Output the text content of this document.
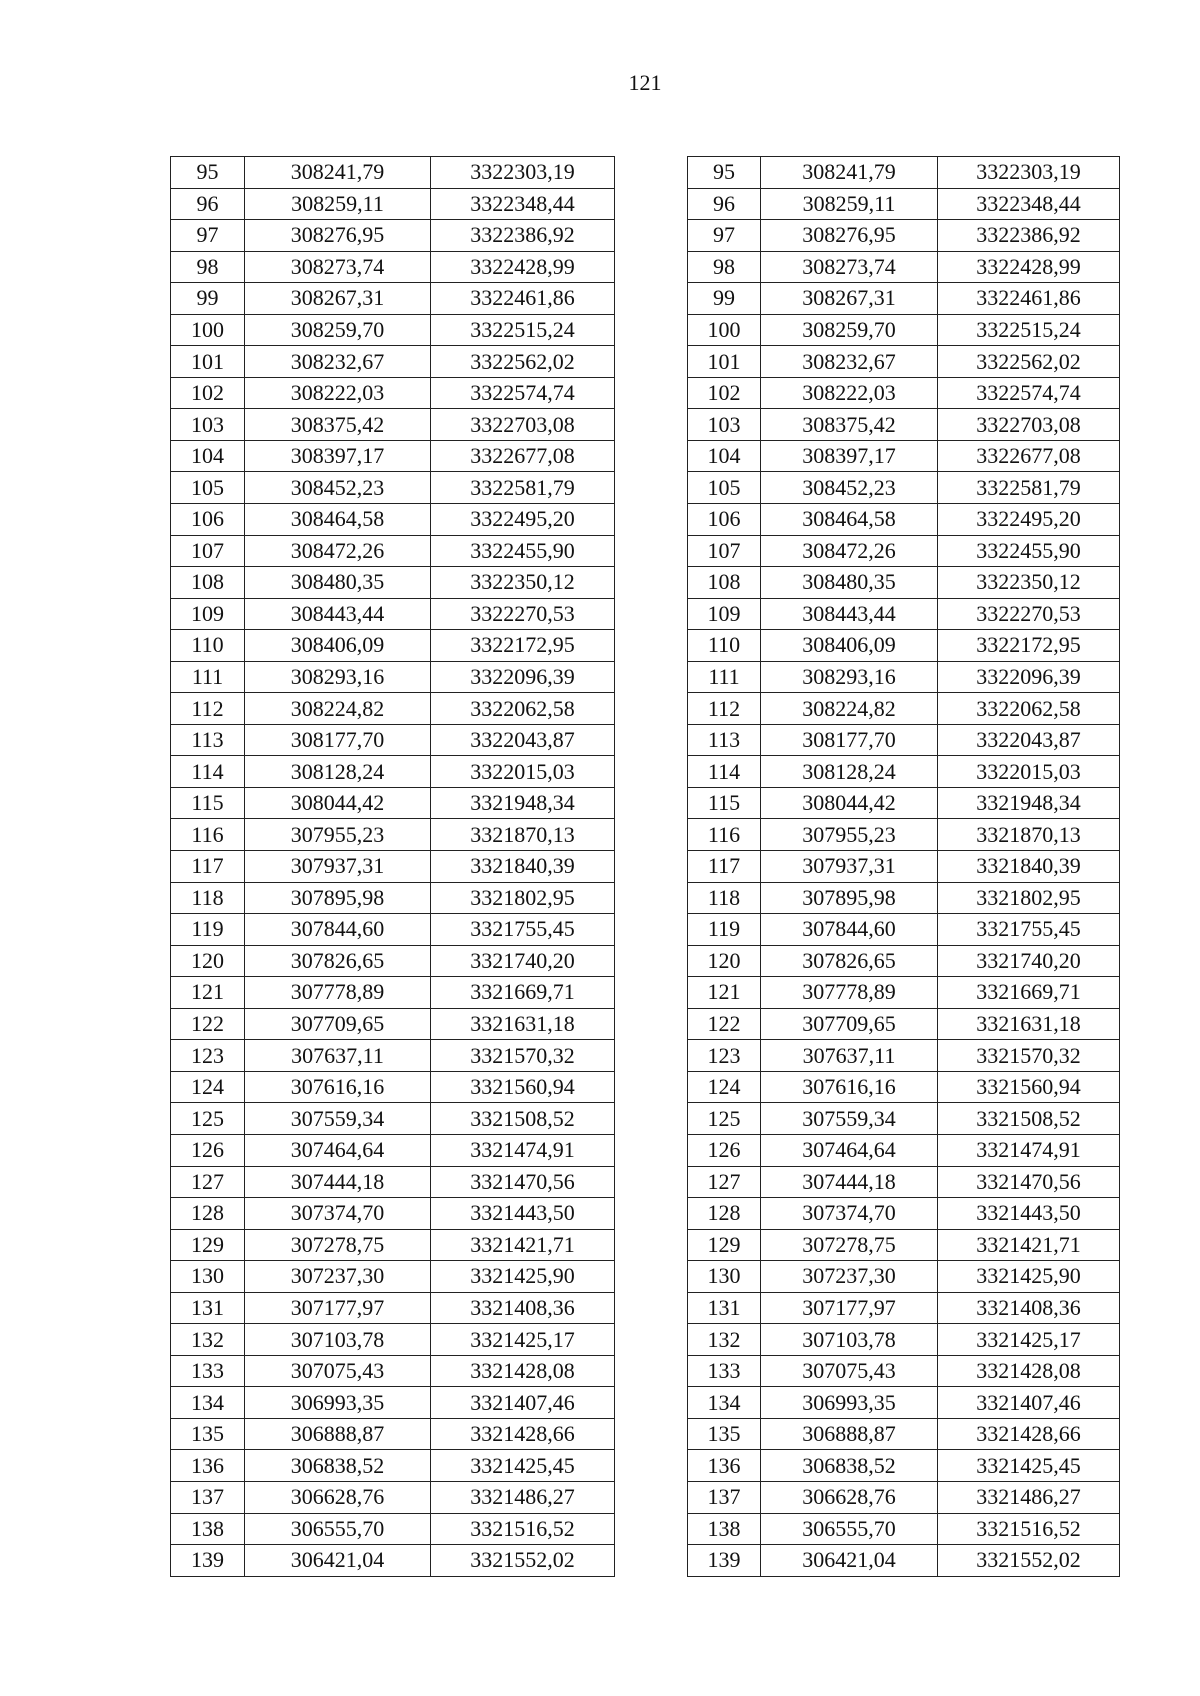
121
95	308241,79	3322303,19
96	308259,11	3322348,44
97	308276,95	3322386,92
98	308273,74	3322428,99
99	308267,31	3322461,86
100	308259,70	3322515,24
101	308232,67	3322562,02
102	308222,03	3322574,74
103	308375,42	3322703,08
104	308397,17	3322677,08
105	308452,23	3322581,79
106	308464,58	3322495,20
107	308472,26	3322455,90
108	308480,35	3322350,12
109	308443,44	3322270,53
110	308406,09	3322172,95
111	308293,16	3322096,39
112	308224,82	3322062,58
113	308177,70	3322043,87
114	308128,24	3322015,03
115	308044,42	3321948,34
116	307955,23	3321870,13
117	307937,31	3321840,39
118	307895,98	3321802,95
119	307844,60	3321755,45
120	307826,65	3321740,20
121	307778,89	3321669,71
122	307709,65	3321631,18
123	307637,11	3321570,32
124	307616,16	3321560,94
125	307559,34	3321508,52
126	307464,64	3321474,91
127	307444,18	3321470,56
128	307374,70	3321443,50
129	307278,75	3321421,71
130	307237,30	3321425,90
131	307177,97	3321408,36
132	307103,78	3321425,17
133	307075,43	3321428,08
134	306993,35	3321407,46
135	306888,87	3321428,66
136	306838,52	3321425,45
137	306628,76	3321486,27
138	306555,70	3321516,52
139	306421,04	3321552,02
95	308241,79	3322303,19
96	308259,11	3322348,44
97	308276,95	3322386,92
98	308273,74	3322428,99
99	308267,31	3322461,86
100	308259,70	3322515,24
101	308232,67	3322562,02
102	308222,03	3322574,74
103	308375,42	3322703,08
104	308397,17	3322677,08
105	308452,23	3322581,79
106	308464,58	3322495,20
107	308472,26	3322455,90
108	308480,35	3322350,12
109	308443,44	3322270,53
110	308406,09	3322172,95
111	308293,16	3322096,39
112	308224,82	3322062,58
113	308177,70	3322043,87
114	308128,24	3322015,03
115	308044,42	3321948,34
116	307955,23	3321870,13
117	307937,31	3321840,39
118	307895,98	3321802,95
119	307844,60	3321755,45
120	307826,65	3321740,20
121	307778,89	3321669,71
122	307709,65	3321631,18
123	307637,11	3321570,32
124	307616,16	3321560,94
125	307559,34	3321508,52
126	307464,64	3321474,91
127	307444,18	3321470,56
128	307374,70	3321443,50
129	307278,75	3321421,71
130	307237,30	3321425,90
131	307177,97	3321408,36
132	307103,78	3321425,17
133	307075,43	3321428,08
134	306993,35	3321407,46
135	306888,87	3321428,66
136	306838,52	3321425,45
137	306628,76	3321486,27
138	306555,70	3321516,52
139	306421,04	3321552,02
